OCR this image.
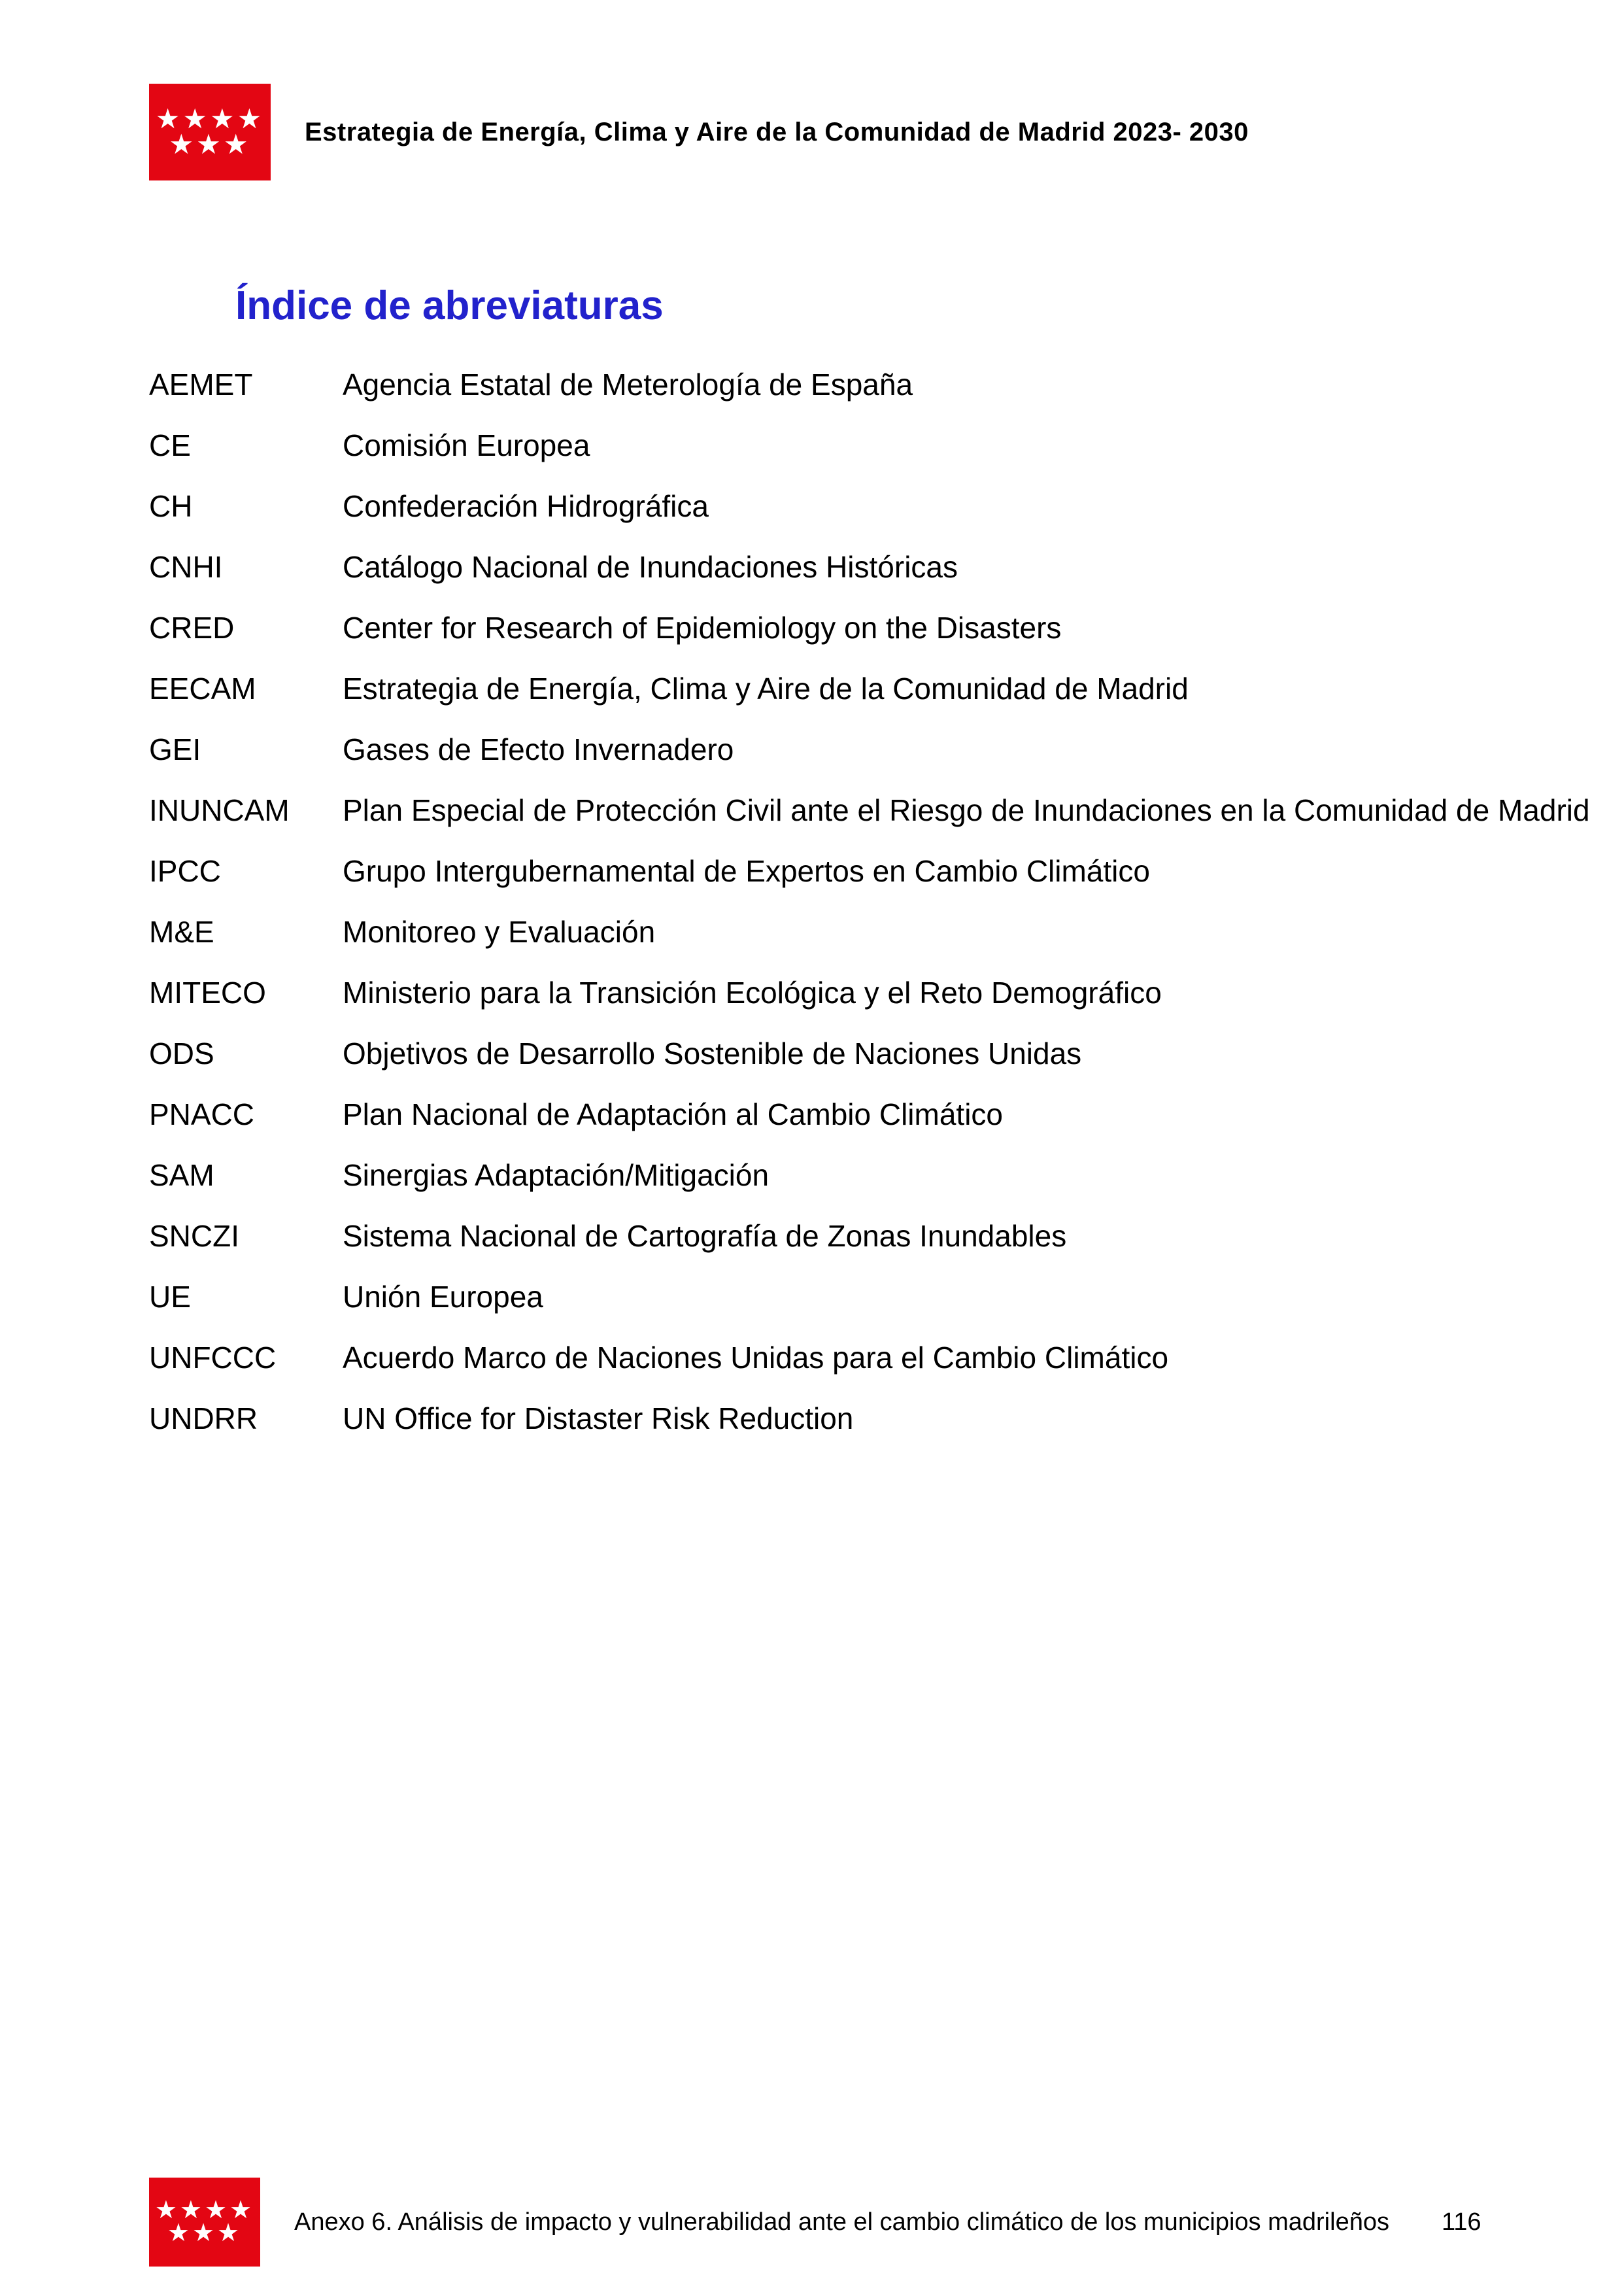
★★★★
★★★ Estrategia de Energía, Clima y Aire de la Comunidad de Madrid 2023- 2030
Índice de abreviaturas
AEMET	Agencia Estatal de Meterología de España
CE	Comisión Europea
CH	Confederación Hidrográfica
CNHI	Catálogo Nacional de Inundaciones Históricas
CRED	Center for Research of Epidemiology on the Disasters
EECAM	Estrategia de Energía, Clima y Aire de la Comunidad de Madrid
GEI	Gases de Efecto Invernadero
INUNCAM	Plan Especial de Protección Civil ante el Riesgo de Inundaciones en la Comunidad de Madrid
IPCC	Grupo Intergubernamental de Expertos en Cambio Climático
M&E	Monitoreo y Evaluación
MITECO	Ministerio para la Transición Ecológica y el Reto Demográfico
ODS	Objetivos de Desarrollo Sostenible de Naciones Unidas
PNACC	Plan Nacional de Adaptación al Cambio Climático
SAM	Sinergias Adaptación/Mitigación
SNCZI	Sistema Nacional de Cartografía de Zonas Inundables
UE	Unión Europea
UNFCCC	Acuerdo Marco de Naciones Unidas para el Cambio Climático
UNDRR	UN Office for Distaster Risk Reduction
★★★★
★★★ Anexo 6. Análisis de impacto y vulnerabilidad ante el cambio climático de los municipios madrileños 116
